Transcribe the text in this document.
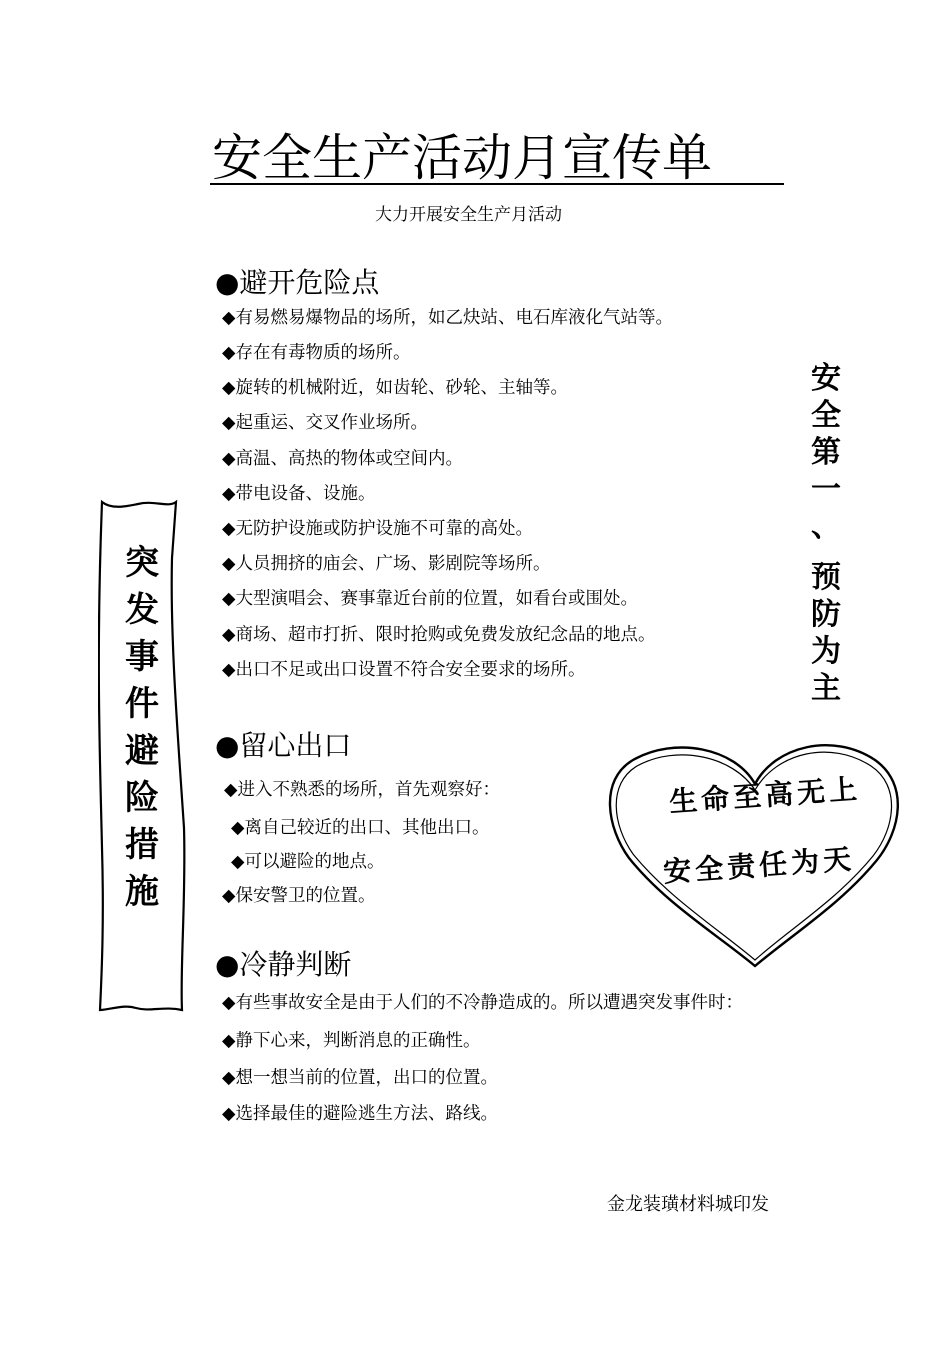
安全生产活动月宣传单
大力开展安全生产月活动
●避开危险点
◆有易燃易爆物品的场所，如乙炔站、电石库液化气站等。
◆存在有毒物质的场所。
◆旋转的机械附近，如齿轮、砂轮、主轴等。
◆起重运、交叉作业场所。
◆高温、高热的物体或空间内。
◆带电设备、设施。
◆无防护设施或防护设施不可靠的高处。
◆人员拥挤的庙会、广场、影剧院等场所。
◆大型演唱会、赛事靠近台前的位置，如看台或围处。
◆商场、超市打折、限时抢购或免费发放纪念品的地点。
◆出口不足或出口设置不符合安全要求的场所。
●留心出口
◆进入不熟悉的场所，首先观察好：
◆离自己较近的出口、其他出口。
◆可以避险的地点。
◆保安警卫的位置。
●冷静判断
◆有些事故安全是由于人们的不冷静造成的。所以遭遇突发事件时：
◆静下心来，判断消息的正确性。
◆想一想当前的位置，出口的位置。
◆选择最佳的避险逃生方法、路线。
突
发
事
件
避
险
措
施
安
全
第
一
、
预
防
为
主
生命至高无上
安全责任为天
金龙装璜材料城印发
